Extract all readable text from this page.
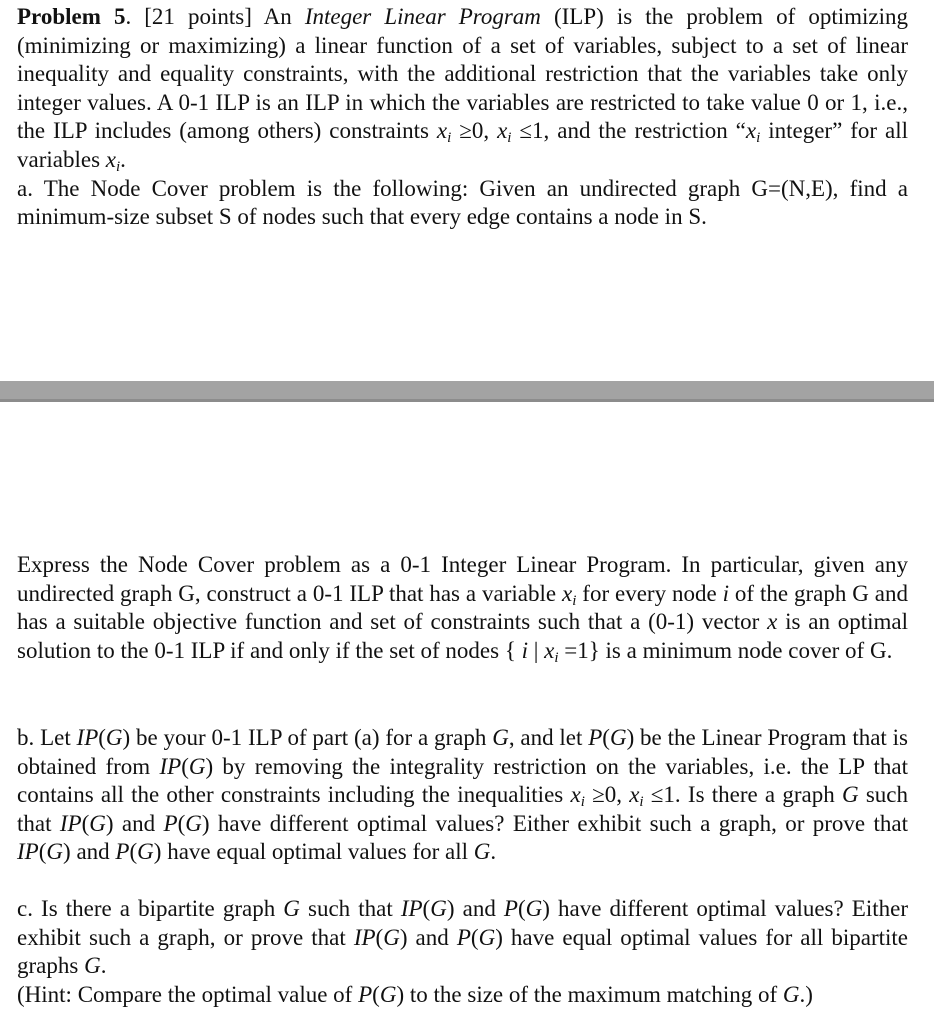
Problem 5. [21 points] An Integer Linear Program (ILP) is the problem of optimizing (minimizing or maximizing) a linear function of a set of variables, subject to a set of linear inequality and equality constraints, with the additional restriction that the variables take only integer values. A 0-1 ILP is an ILP in which the variables are restricted to take value 0 or 1, i.e., the ILP includes (among others) constraints $x_i \ge 0$, $x_i \le 1$, and the restriction “$x_i$ integer” for all variables $x_i$.
a. The Node Cover problem is the following: Given an undirected graph G=(N,E), find a minimum-size subset S of nodes such that every edge contains a node in S.
Express the Node Cover problem as a 0-1 Integer Linear Program. In particular, given any undirected graph G, construct a 0-1 ILP that has a variable $x_i$ for every node i of the graph G and has a suitable objective function and set of constraints such that a (0-1) vector x is an optimal solution to the 0-1 ILP if and only if the set of nodes { i | $x_i =1$} is a minimum node cover of G.
b. Let IP(G) be your 0-1 ILP of part (a) for a graph G, and let P(G) be the Linear Program that is obtained from IP(G) by removing the integrality restriction on the variables, i.e. the LP that contains all the other constraints including the inequalities $x_i \ge 0$, $x_i \le 1$. Is there a graph G such that IP(G) and P(G) have different optimal values? Either exhibit such a graph, or prove that IP(G) and P(G) have equal optimal values for all G.
c. Is there a bipartite graph G such that IP(G) and P(G) have different optimal values? Either exhibit such a graph, or prove that IP(G) and P(G) have equal optimal values for all bipartite graphs G.
(Hint: Compare the optimal value of P(G) to the size of the maximum matching of G.)
